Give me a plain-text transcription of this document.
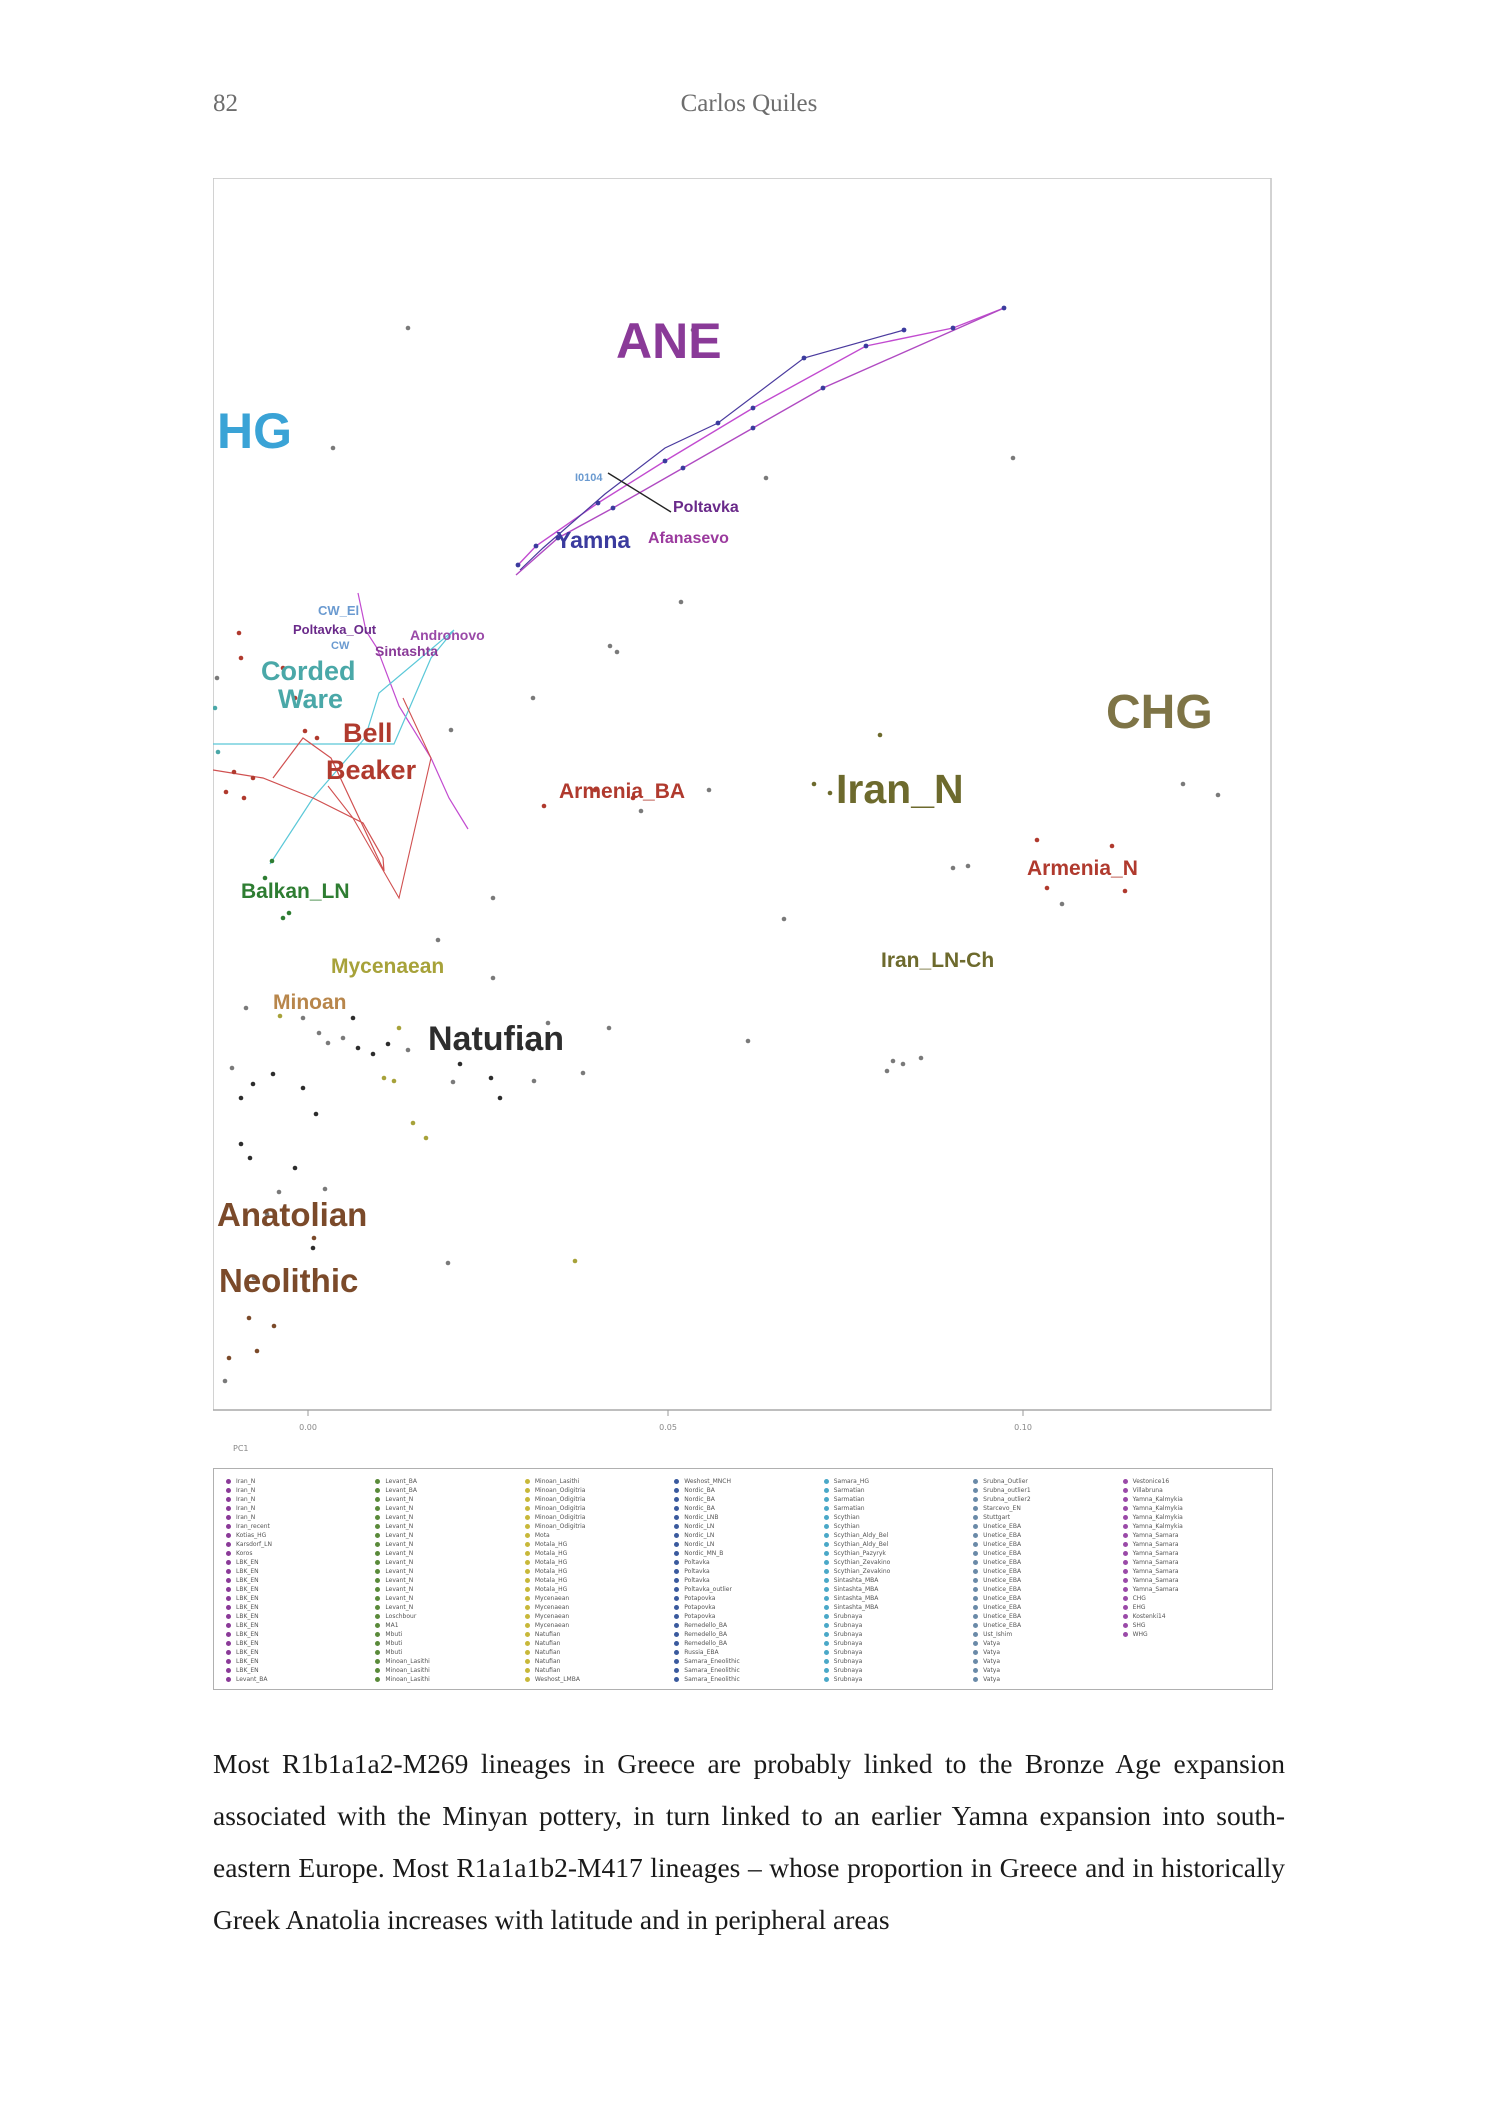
82	Carlos Quiles
0.00	0.05	0.10
PC1
ANE
HG
CHG
Iran_N
Armenia_BA
Armenia_N
Iran_LN-Ch
Corded
Ware
Bell
Beaker
Balkan_LN
Mycenaean
Minoan
Natufian
Anatolian
Neolithic
Yamna
Poltavka
Afanasevo
I0104
CW_El
Poltavka_Out
CW
Andronovo
Sintashta
Iran_N
Iran_N
Iran_N
Iran_N
Iran_N
Iran_recent
Kotias_HG
Karsdorf_LN
Koros
LBK_EN
LBK_EN
LBK_EN
LBK_EN
LBK_EN
LBK_EN
LBK_EN
LBK_EN
LBK_EN
LBK_EN
LBK_EN
LBK_EN
LBK_EN
Levant_BA
Levant_BA
Levant_BA
Levant_N
Levant_N
Levant_N
Levant_N
Levant_N
Levant_N
Levant_N
Levant_N
Levant_N
Levant_N
Levant_N
Levant_N
Levant_N
Loschbour
MA1
Mbuti
Mbuti
Mbuti
Minoan_Lasithi
Minoan_Lasithi
Minoan_Lasithi
Minoan_Lasithi
Minoan_Odigitria
Minoan_Odigitria
Minoan_Odigitria
Minoan_Odigitria
Minoan_Odigitria
Mota
Motala_HG
Motala_HG
Motala_HG
Motala_HG
Motala_HG
Motala_HG
Mycenaean
Mycenaean
Mycenaean
Mycenaean
Natufian
Natufian
Natufian
Natufian
Natufian
Weshost_LMBA
Weshost_MNCH
Nordic_BA
Nordic_BA
Nordic_BA
Nordic_LNB
Nordic_LN
Nordic_LN
Nordic_LN
Nordic_MN_B
Poltavka
Poltavka
Poltavka
Poltavka_outlier
Potapovka
Potapovka
Potapovka
Remedello_BA
Remedello_BA
Remedello_BA
Russia_EBA
Samara_Eneolithic
Samara_Eneolithic
Samara_Eneolithic
Samara_HG
Sarmatian
Sarmatian
Sarmatian
Scythian
Scythian
Scythian_Aldy_Bel
Scythian_Aldy_Bel
Scythian_Pazyryk
Scythian_Zevakino
Scythian_Zevakino
Sintashta_MBA
Sintashta_MBA
Sintashta_MBA
Sintashta_MBA
Srubnaya
Srubnaya
Srubnaya
Srubnaya
Srubnaya
Srubnaya
Srubnaya
Srubnaya
Srubna_Outlier
Srubna_outlier1
Srubna_outlier2
Starcevo_EN
Stuttgart
Unetice_EBA
Unetice_EBA
Unetice_EBA
Unetice_EBA
Unetice_EBA
Unetice_EBA
Unetice_EBA
Unetice_EBA
Unetice_EBA
Unetice_EBA
Unetice_EBA
Unetice_EBA
Ust_Ishim
Vatya
Vatya
Vatya
Vatya
Vatya
Vestonice16
Villabruna
Yamna_Kalmykia
Yamna_Kalmykia
Yamna_Kalmykia
Yamna_Kalmykia
Yamna_Samara
Yamna_Samara
Yamna_Samara
Yamna_Samara
Yamna_Samara
Yamna_Samara
Yamna_Samara
CHG
EHG
Kostenki14
SHG
WHG

Most R1b1a1a2-M269 lineages in Greece are probably linked to the Bronze Age expansion associated with the Minyan pottery, in turn linked to an earlier Yamna expansion into south-eastern Europe. Most R1a1a1b2-M417 lineages – whose proportion in Greece and in historically Greek Anatolia increases with latitude and in peripheral areas
